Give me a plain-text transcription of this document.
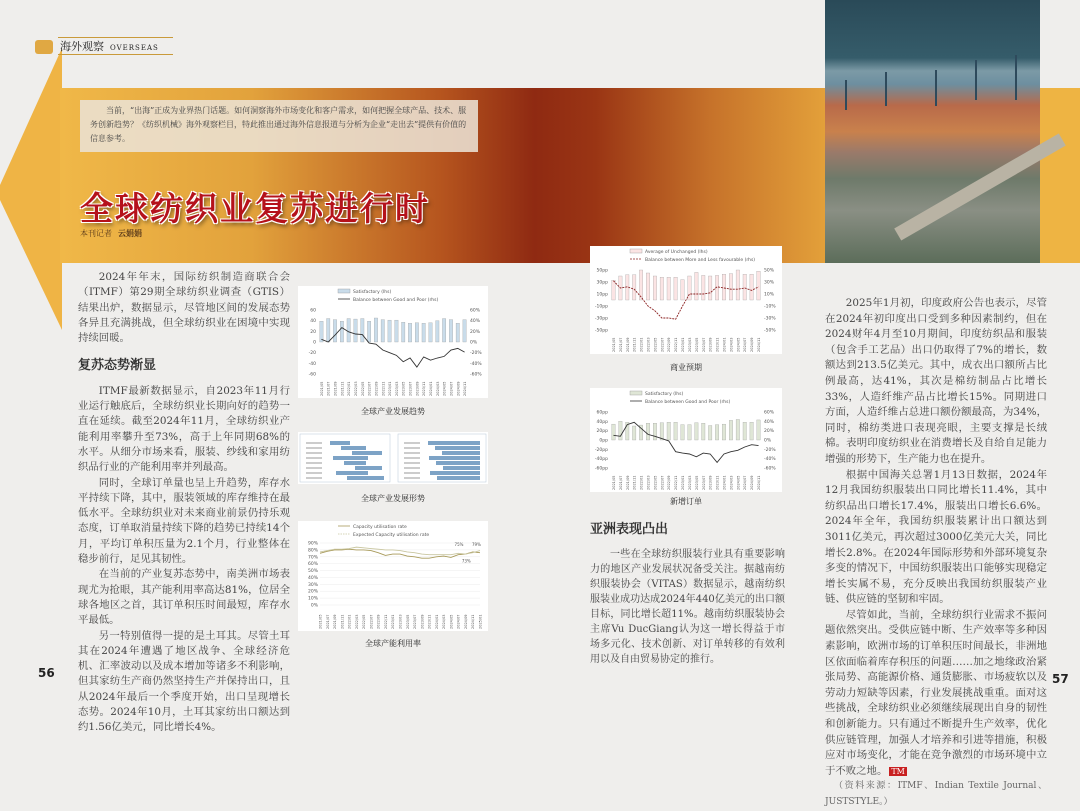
海外观察 OVERSEAS
当前，“出海”正成为业界热门话题。如何洞察海外市场变化和客户需求，如何把握全球产品、技术、服务创新趋势？《纺织机械》海外观察栏目，特此推出通过海外信息报道与分析为企业“走出去”提供有价值的信息参考。
全球纺织业复苏进行时
本刊记者 云娟娟

2024年年末，国际纺织制造商联合会（ITMF）第29期全球纺织业调查（GTIS）结果出炉，数据显示，尽管地区间的发展态势各异且充满挑战，但全球纺织业在困境中实现持续回暖。

复苏态势渐显

ITMF最新数据显示，自2023年11月行业运行触底后，全球纺织业长期向好的趋势一直在延续。截至2024年11月，全球纺织业产能利用率攀升至73%，高于上年同期68%的水平。从细分市场来看，服装、纱线和家用纺织品行业的产能利用率并列最高。

同时，全球订单量也呈上升趋势，库存水平持续下降，其中，服装领域的库存维持在最低水平。全球纺织业对未来商业前景仍持乐观态度，订单取消量持续下降的趋势已持续14个月，平均订单积压量为2.1个月，行业整体在稳步前行，足见其韧性。

在当前的产业复苏态势中，南美洲市场表现尤为抢眼，其产能利用率高达81%，位居全球各地区之首，其订单积压时间最短，库存水平最低。

另一特别值得一提的是土耳其。尽管土耳其在2024年遭遇了地区战争、全球经济危机、汇率波动以及成本增加等诸多不利影响，但其家纺生产商仍然坚持生产并保持出口，且从2024年最后一个季度开始，出口呈现增长态势。2024年10月，土耳其家纺出口额达到约1.56亿美元，同比增长4%。

亚洲表现凸出

一些在全球纺织服装行业具有重要影响力的地区产业发展状况备受关注。据越南纺织服装协会（VITAS）数据显示，越南纺织服装业成功达成2024年440亿美元的出口额目标，同比增长超11%。越南纺织服装协会主席Vu DucGiang认为这一增长得益于市场多元化、技术创新、对订单转移的有效利用以及自由贸易协定的推行。

2025年1月初，印度政府公告也表示，尽管在2024年初印度出口受到多种因素制约，但在2024财年4月至10月期间，印度纺织品和服装（包含手工艺品）出口仍取得了7%的增长，数额达到213.5亿美元。其中，成衣出口额所占比例最高，达41%，其次是棉纺制品占比增长33%，人造纤维产品占比增长15%。同期进口方面，人造纤维占总进口额份额最高，为34%，同时，棉纺类进口表现亮眼，主要支撑是长绒棉。表明印度纺织业在消费增长及自给自足能力增强的形势下，生产能力也在提升。

根据中国海关总署1月13日数据，2024年12月我国纺织服装出口同比增长11.4%，其中纺织品出口增长17.4%，服装出口增长6.6%。2024年全年，我国纺织服装累计出口额达到3011亿美元，再次超过3000亿美元大关，同比增长2.8%。在2024年国际形势和外部环境复杂多变的情况下，中国纺织服装出口能够实现稳定增长实属不易，充分反映出我国纺织服装产业链、供应链的坚韧和牢固。

尽管如此，当前，全球纺织行业需求不振问题依然突出。受供应链中断、生产效率等多种因素影响，欧洲市场的订单积压时间最长，非洲地区依面临着库存积压的问题……加之地缘政治紧张局势、高能源价格、通货膨胀、市场疲软以及劳动力短缺等因素，行业发展挑战重重。面对这些挑战，全球纺织业必须继续展现出自身的韧性和创新能力。只有通过不断提升生产效率，优化供应链管理，加强人才培养和引进等措施，积极应对市场变化，才能在竞争激烈的市场环境中立于不败之地。 TM

（资料来源：ITMF、Indian Textile Journal、JUSTSTYLE。）

Satisfactory (lhs)
Balance between Good and Poor (rhs)
60
40
20
0
-20
-40
-60
60%
40%
20%
0%
-20%
-40%
-60%
2021/05 2021/07 2021/09 2021/11 2022/01 2022/03 2022/05 2022/07 2022/09 2022/11 2023/01 2023/03 2023/05 2023/07 2023/09 2023/11 2024/01 2024/03 2024/05 2024/07 2024/09 2024/11
全球产业发展趋势
全球产业发展形势
Capacity utilisation rate
Expected Capacity utilisation rate
90%
80%
70%
60%
50%
40%
30%
20%
10%
0%
2021/05 2021/07 2021/09 2021/11 2022/01 2022/03 2022/05 2022/07 2022/09 2022/11 2023/01 2023/03 2023/05 2023/07 2023/09 2023/11 2024/01 2024/03 2024/05 2024/07 2024/09 2024/11 2025/01
75%
73%
79%
全球产能利用率
Average of Unchanged (lhs)
Balance between More and Less favourable (rhs)
50pp
30pp
10pp
-10pp
-30pp
-50pp
50%
30%
10%
-10%
-30%
-50%
2021/05 2021/07 2021/09 2021/11 2022/01 2022/03 2022/05 2022/07 2022/09 2022/11 2023/01 2023/03 2023/05 2023/07 2023/09 2023/11 2024/01 2024/03 2024/05 2024/07 2024/09 2024/11
商业预期
Satisfactory (lhs)
Balance between Good and Poor (rhs)
60pp
40pp
20pp
0pp
-20pp
-40pp
-60pp
60%
40%
20%
0%
-20%
-40%
-60%
2021/05 2021/07 2021/09 2021/11 2022/01 2022/03 2022/05 2022/07 2022/09 2022/11 2023/01 2023/03 2023/05 2023/07 2023/09 2023/11 2024/01 2024/03 2024/05 2024/07 2024/09 2024/11
新增订单
56	57
